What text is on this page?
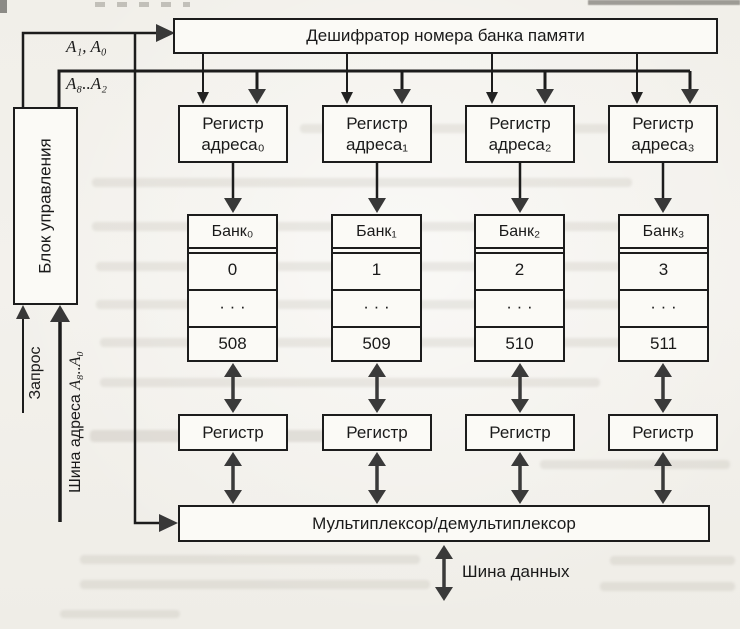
Дешифратор номера банка памяти
Блок управления
Регистр
адреса₀
Регистр
адреса₁
Регистр
адреса₂
Регистр
адреса₃
Банк₀
0
· · ·
508
Банк₁
1
· · ·
509
Банк₂
2
· · ·
510
Банк₃
3
· · ·
511
Регистр	Регистр	Регистр	Регистр
Мультиплексор/демультиплексор
A₁, A₀
A₈..A₂
Запрос
Шина адреса A₈..A₀
Шина данных
